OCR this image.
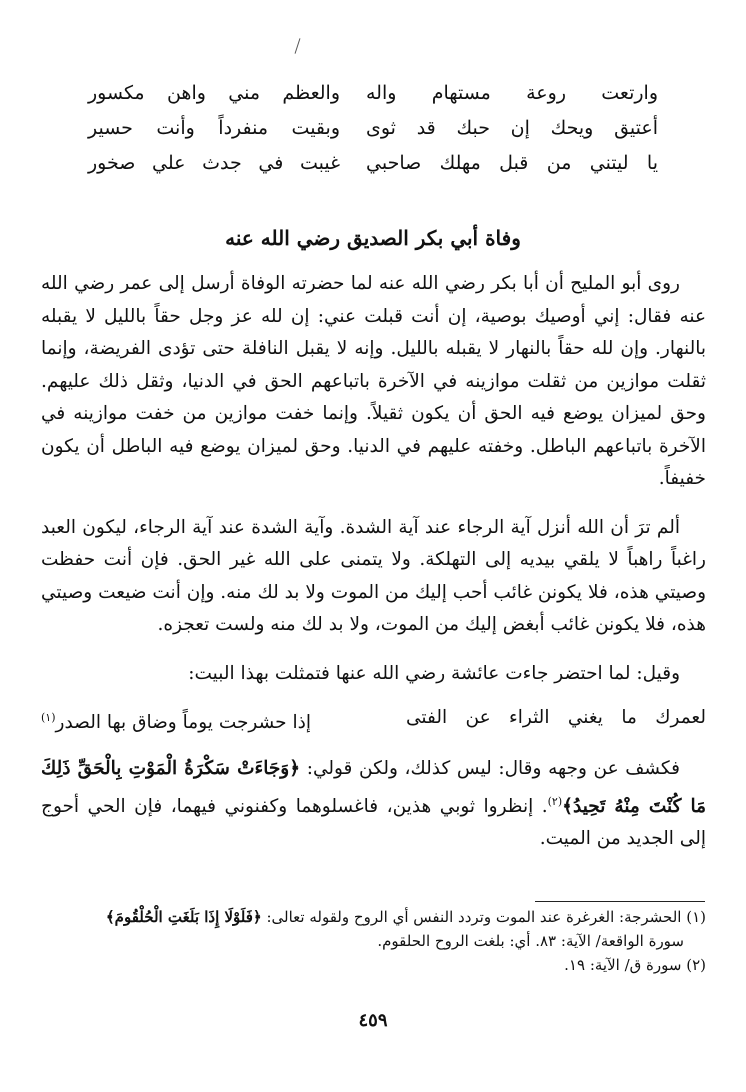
وارتعت روعة مستهام واله
والعظم مني واهن مكسور
أعتيق ويحك إن حبك قد ثوى
وبقيت منفرداً وأنت حسير
يا ليتني من قبل مهلك صاحبي
غيبت في جدث علي صخور
وفاة أبي بكر الصديق رضي الله عنه

روى أبو المليح أن أبا بكر رضي الله عنه لما حضرته الوفاة أرسل إلى عمر رضي الله عنه فقال: إني أوصيك بوصية، إن أنت قبلت عني: إن لله عز وجل حقاً بالليل لا يقبله بالنهار. وإن لله حقاً بالنهار لا يقبله بالليل. وإنه لا يقبل النافلة حتى تؤدى الفريضة، وإنما ثقلت موازين من ثقلت موازينه في الآخرة باتباعهم الحق في الدنيا، وثقل ذلك عليهم. وحق لميزان يوضع فيه الحق أن يكون ثقيلاً. وإنما خفت موازين من خفت موازينه في الآخرة باتباعهم الباطل. وخفته عليهم في الدنيا. وحق لميزان يوضع فيه الباطل أن يكون خفيفاً.

ألم ترَ أن الله أنزل آية الرجاء عند آية الشدة. وآية الشدة عند آية الرجاء، ليكون العبد راغباً راهباً لا يلقي بيديه إلى التهلكة. ولا يتمنى على الله غير الحق. فإن أنت حفظت وصيتي هذه، فلا يكونن غائب أحب إليك من الموت ولا بد لك منه. وإن أنت ضيعت وصيتي هذه، فلا يكونن غائب أبغض إليك من الموت، ولا بد لك منه ولست تعجزه.

وقيل: لما احتضر جاءت عائشة رضي الله عنها فتمثلت بهذا البيت:

لعمرك ما يغني الثراء عن الفتى
إذا حشرجت يوماً وضاق بها الصدر$^{(١)}$

فكشف عن وجهه وقال: ليس كذلك، ولكن قولي: ﴿وَجَاءَتْ سَكْرَةُ الْمَوْتِ بِالْحَقِّ ذَلِكَ مَا كُنْتَ مِنْهُ تَحِيدُ﴾$^{(٢)}$. إنظروا ثوبي هذين، فاغسلوهما وكفنوني فيهما، فإن الحي أحوج إلى الجديد من الميت.

(١) الحشرجة: الغرغرة عند الموت وتردد النفس أي الروح ولقوله تعالى: ﴿فَلَوْلَا إِذَا بَلَغَتِ الْحُلْقُومَ﴾

سورة الواقعة/ الآية: ٨٣. أي: بلغت الروح الحلقوم.

(٢) سورة ق/ الآية: ١٩.

٤٥٩
